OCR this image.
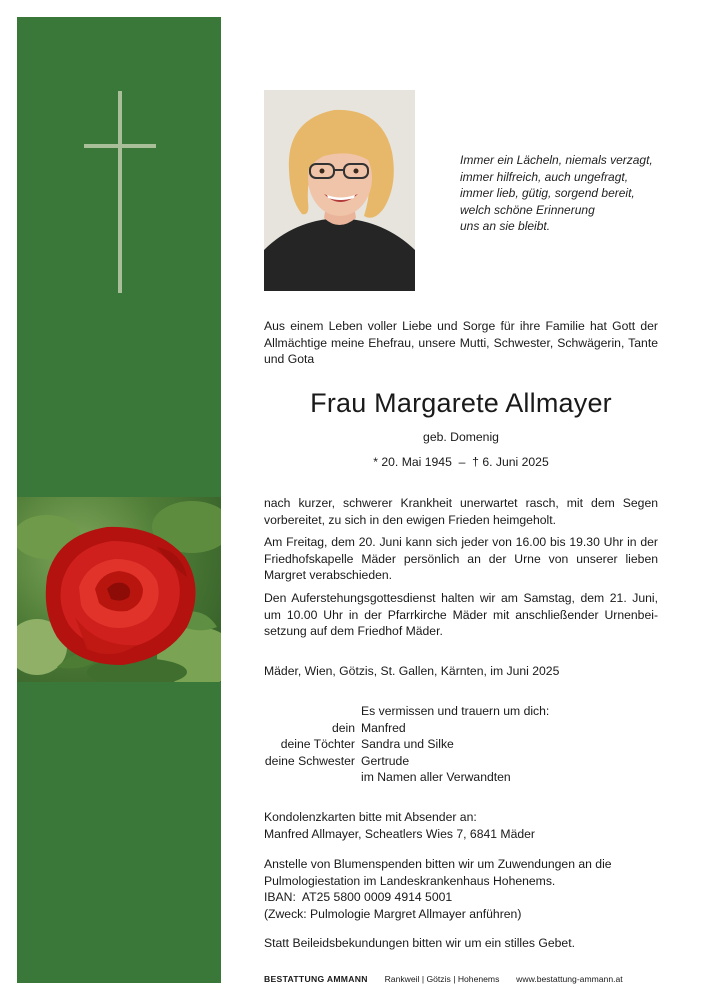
Immer ein Lächeln, niemals verzagt,
immer hilfreich, auch ungefragt,
immer lieb, gütig, sorgend bereit,
welch schöne Erinnerung
uns an sie bleibt.
Aus einem Leben voller Liebe und Sorge für ihre Familie hat Gott der Allmächtige meine Ehefrau, unsere Mutti, Schwester, Schwägerin, Tante und Gota
Frau Margarete Allmayer
geb. Domenig
* 20. Mai 1945  –  † 6. Juni 2025
nach kurzer, schwerer Krankheit unerwartet rasch, mit dem Segen vorbereitet, zu sich in den ewigen Frieden heimgeholt.
Am Freitag, dem 20. Juni kann sich jeder von 16.00 bis 19.30 Uhr in der Friedhofskapelle Mäder persönlich an der Urne von unserer lieben Margret verabschieden.
Den Auferstehungsgottesdienst halten wir am Samstag, dem 21. Juni, um 10.00 Uhr in der Pfarrkirche Mäder mit anschließender Urnenbeisetzung auf dem Friedhof Mäder.
Mäder, Wien, Götzis, St. Gallen, Kärnten, im Juni 2025
Es vermissen und trauern um dich:
dein Manfred
deine Töchter Sandra und Silke
deine Schwester Gertrude
im Namen aller Verwandten
Kondolenzkarten bitte mit Absender an:
Manfred Allmayer, Scheatlers Wies 7, 6841 Mäder
Anstelle von Blumenspenden bitten wir um Zuwendungen an die
Pulmologiestation im Landeskrankenhaus Hohenems.
IBAN:  AT25 5800 0009 4914 5001
(Zweck: Pulmologie Margret Allmayer anführen)
Statt Beileidsbekundungen bitten wir um ein stilles Gebet.
BESTATTUNG AMMANN Rankweil | Götzis | Hohenems www.bestattung-ammann.at
